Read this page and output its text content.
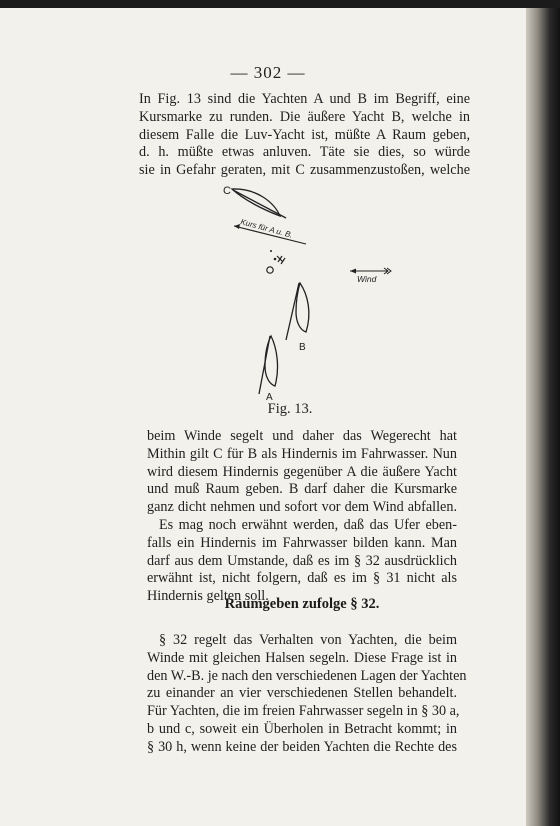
— 302 —

In Fig. 13 sind die Yachten A und B im Begriff, eine
Kursmarke zu runden. Die äußere Yacht B, welche in
diesem Falle die Luv-Yacht ist, müßte A Raum geben,
d. h. müßte etwas anluven. Täte sie dies, so würde
sie in Gefahr geraten, mit C zusammenzustoßen, welche

C
Kurs für A u. B.
Wind
B
A
Fig. 13.
beim Winde segelt und daher das Wegerecht hat
Mithin gilt C für B als Hindernis im Fahrwasser. Nun
wird diesem Hindernis gegenüber A die äußere Yacht
und muß Raum geben. B darf daher die Kursmarke
ganz dicht nehmen und sofort vor dem Wind abfallen.
Es mag noch erwähnt werden, daß das Ufer eben-
falls ein Hindernis im Fahrwasser bilden kann. Man
darf aus dem Umstande, daß es im § 32 ausdrücklich
erwähnt ist, nicht folgern, daß es im § 31 nicht als
Hindernis gelten soll.
Raumgeben zufolge § 32.
§ 32 regelt das Verhalten von Yachten, die beim
Winde mit gleichen Halsen segeln. Diese Frage ist in
den W.-B. je nach den verschiedenen Lagen der Yachten
zu einander an vier verschiedenen Stellen behandelt.
Für Yachten, die im freien Fahrwasser segeln in § 30 a,
b und c, soweit ein Überholen in Betracht kommt; in
§ 30 h, wenn keine der beiden Yachten die Rechte des
